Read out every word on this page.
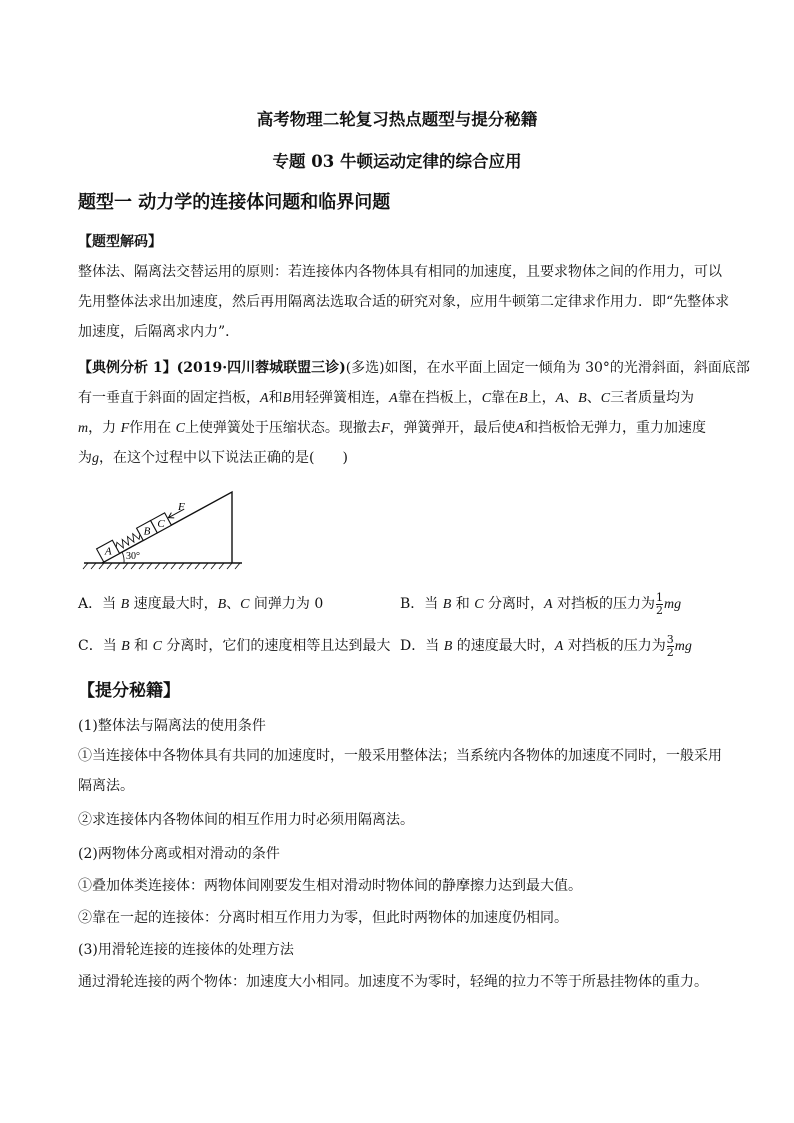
高考物理二轮复习热点题型与提分秘籍
专题 03 牛顿运动定律的综合应用
题型一 动力学的连接体问题和临界问题
【题型解码】
整体法、隔离法交替运用的原则：若连接体内各物体具有相同的加速度，且要求物体之间的作用力，可以
先用整体法求出加速度，然后再用隔离法选取合适的研究对象，应用牛顿第二定律求作用力．即“先整体求
加速度，后隔离求内力”．
【典例分析 1】(2019·四川蓉城联盟三诊)(多选)如图，在水平面上固定一倾角为 30°的光滑斜面，斜面底部
有一垂直于斜面的固定挡板，A和B用轻弹簧相连，A靠在挡板上，C靠在B上，A、B、C三者质量均为
m，力 F作用在 C上使弹簧处于压缩状态。现撤去F，弹簧弹开，最后使A和挡板恰无弹力，重力加速度
为g，在这个过程中以下说法正确的是(　　)
A
B
C
F
30°
A．当 B 速度最大时，B、C 间弹力为 0	B．当 B 和 C 分离时，A 对挡板的压力为 $\frac{1}{2}$ mg
C．当 B 和 C 分离时，它们的速度相等且达到最大 D．当 B 的速度最大时，A 对挡板的压力为 $\frac{3}{2}$ mg
【提分秘籍】
(1)整体法与隔离法的使用条件
①当连接体中各物体具有共同的加速度时，一般采用整体法；当系统内各物体的加速度不同时，一般采用
隔离法。
②求连接体内各物体间的相互作用力时必须用隔离法。
(2)两物体分离或相对滑动的条件
①叠加体类连接体：两物体间刚要发生相对滑动时物体间的静摩擦力达到最大值。
②靠在一起的连接体：分离时相互作用力为零，但此时两物体的加速度仍相同。
(3)用滑轮连接的连接体的处理方法
通过滑轮连接的两个物体：加速度大小相同。加速度不为零时，轻绳的拉力不等于所悬挂物体的重力。
